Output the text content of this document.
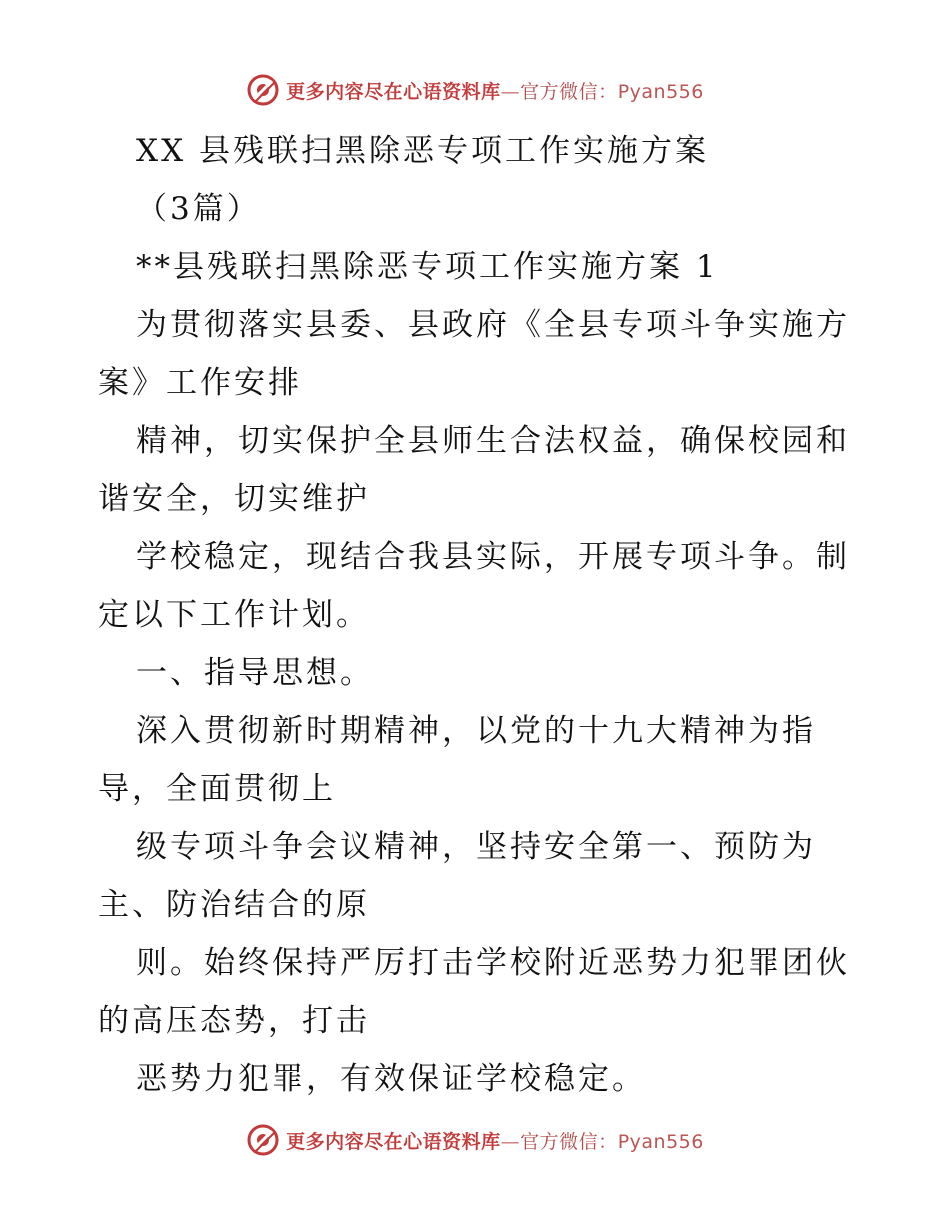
更多内容尽在心语资料库—官方微信：Pyan556
XX 县残联扫黑除恶专项工作实施方案
（3篇）
**县残联扫黑除恶专项工作实施方案 1
为贯彻落实县委、县政府《全县专项斗争实施方
案》工作安排
精神，切实保护全县师生合法权益，确保校园和
谐安全，切实维护
学校稳定，现结合我县实际，开展专项斗争。制
定以下工作计划。
一、指导思想。
深入贯彻新时期精神，以党的十九大精神为指
导，全面贯彻上
级专项斗争会议精神，坚持安全第一、预防为
主、防治结合的原
则。始终保持严厉打击学校附近恶势力犯罪团伙
的高压态势，打击
恶势力犯罪，有效保证学校稳定。
更多内容尽在心语资料库—官方微信：Pyan556
